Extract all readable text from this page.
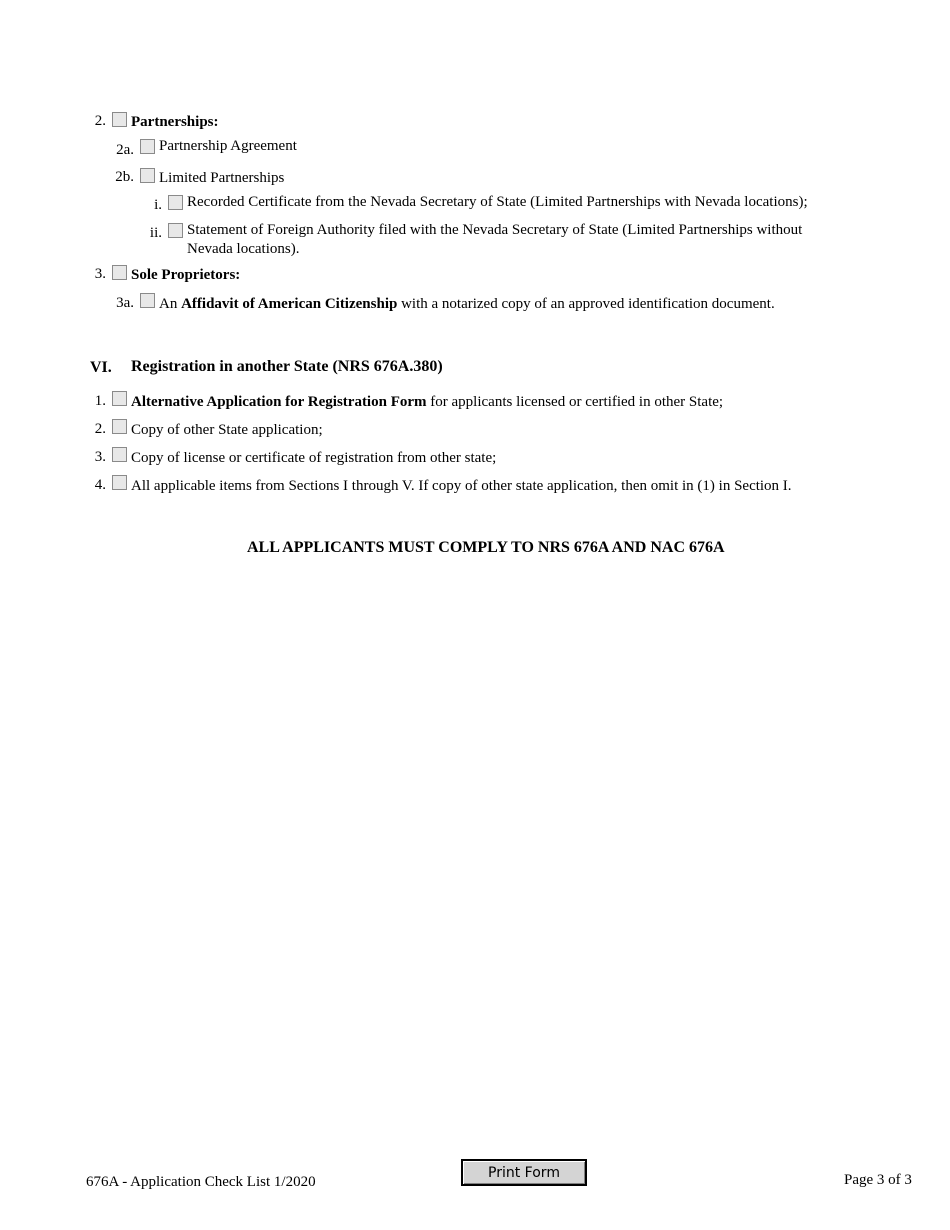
2. Partnerships:
2a. Partnership Agreement
2b. Limited Partnerships
i. Recorded Certificate from the Nevada Secretary of State (Limited Partnerships with Nevada locations);
ii. Statement of Foreign Authority filed with the Nevada Secretary of State (Limited Partnerships without
Nevada locations).
3. Sole Proprietors:
3a. An Affidavit of American Citizenship with a notarized copy of an approved identification document.
VI. Registration in another State (NRS 676A.380)
1. Alternative Application for Registration Form for applicants licensed or certified in other State;
2. Copy of other State application;
3. Copy of license or certificate of registration from other state;
4. All applicable items from Sections I through V. If copy of other state application, then omit in (1) in Section I.
ALL APPLICANTS MUST COMPLY TO NRS 676A AND NAC 676A
676A - Application Check List 1/2020
Print Form	Page 3 of 3
